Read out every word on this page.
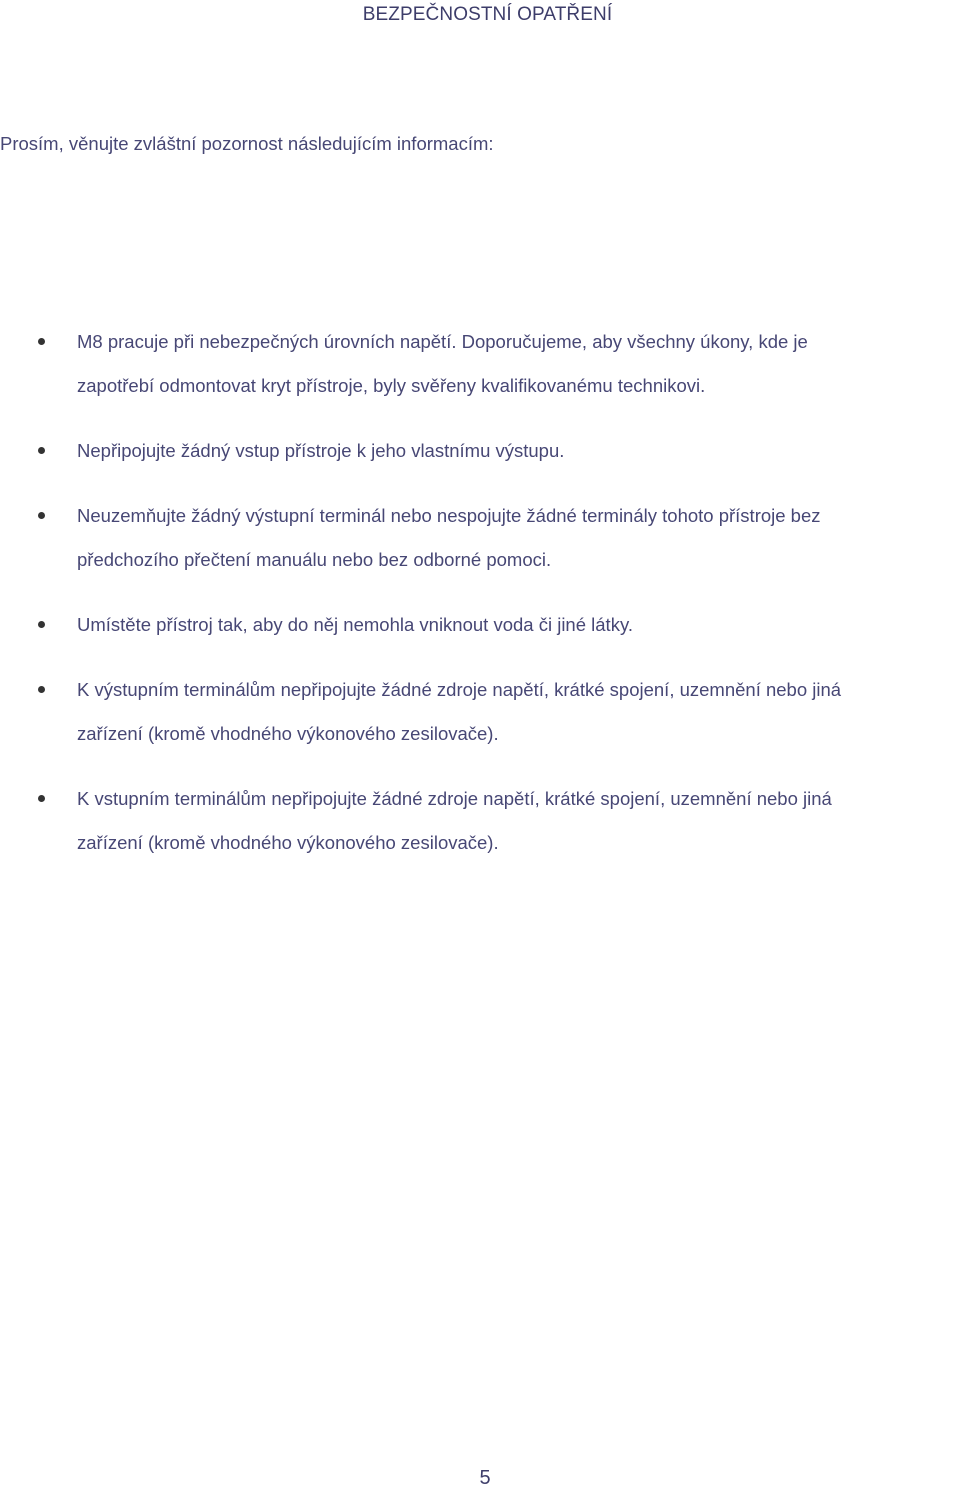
BEZPEČNOSTNÍ OPATŘENÍ
Prosím, věnujte zvláštní pozornost následujícím informacím:
M8 pracuje při nebezpečných úrovních napětí. Doporučujeme, aby všechny úkony, kde je
zapotřebí odmontovat kryt přístroje, byly svěřeny kvalifikovanému technikovi.
Nepřipojujte žádný vstup přístroje k jeho vlastnímu výstupu.
Neuzemňujte žádný výstupní terminál nebo nespojujte žádné terminály tohoto přístroje bez
předchozího přečtení manuálu nebo bez odborné pomoci.
Umístěte přístroj tak, aby do něj nemohla vniknout voda či jiné látky.
K výstupním terminálům nepřipojujte žádné zdroje napětí, krátké spojení, uzemnění nebo jiná
zařízení (kromě vhodného výkonového zesilovače).
K vstupním terminálům nepřipojujte žádné zdroje napětí, krátké spojení, uzemnění nebo jiná
zařízení (kromě vhodného výkonového zesilovače).
5
